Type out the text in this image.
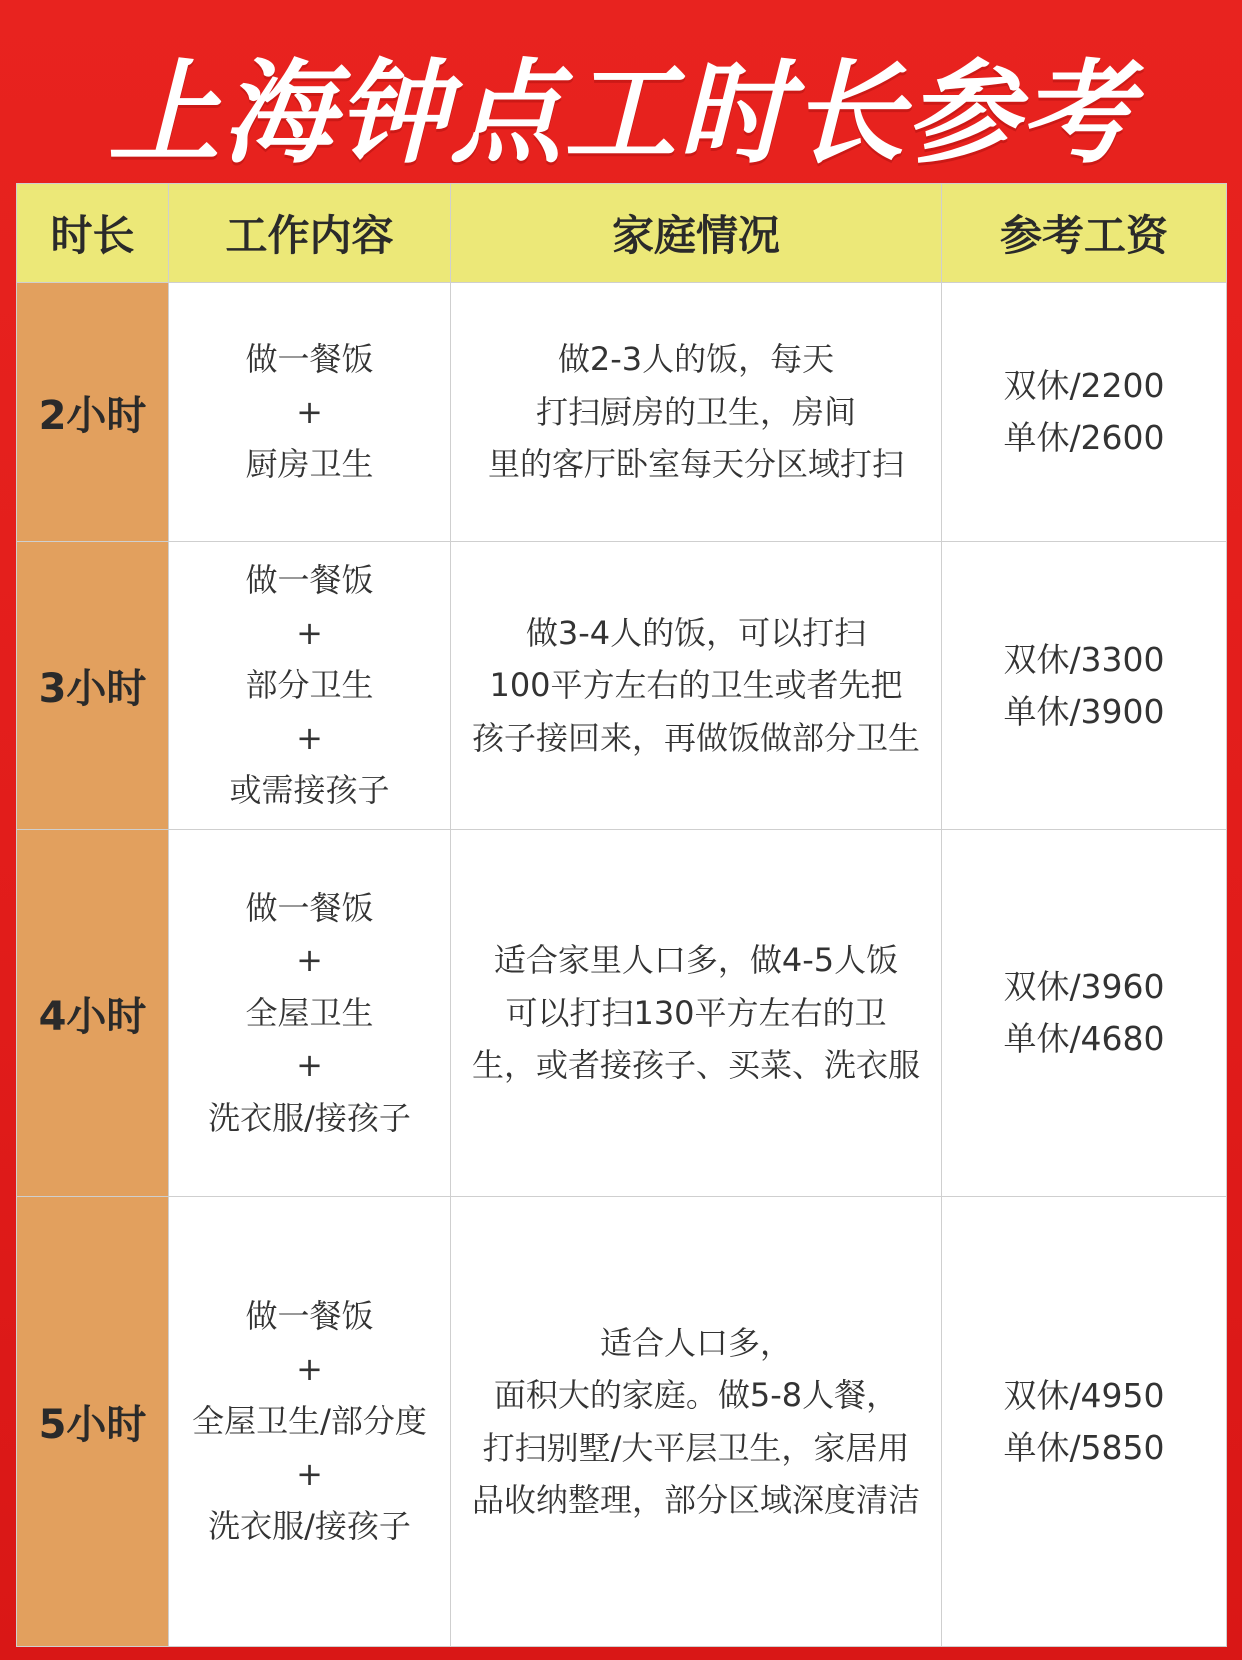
上海钟点工时长参考
时长	工作内容	家庭情况	参考工资
2小时	做一餐饭
+
厨房卫生	做2-3人的饭，每天
打扫厨房的卫生，房间
里的客厅卧室每天分区域打扫	双休/2200
单休/2600

3小时	做一餐饭
+
部分卫生
+
或需接孩子	做3-4人的饭，可以打扫
100平方左右的卫生或者先把
孩子接回来，再做饭做部分卫生	双休/3300
单休/3900

4小时	做一餐饭
+
全屋卫生
+
洗衣服/接孩子	适合家里人口多，做4-5人饭
可以打扫130平方左右的卫
生，或者接孩子、买菜、洗衣服	双休/3960
单休/4680

5小时	做一餐饭
+
全屋卫生/部分度
+
洗衣服/接孩子	适合人口多，
面积大的家庭。做5-8人餐，
打扫别墅/大平层卫生，家居用
品收纳整理，部分区域深度清洁	双休/4950
单休/5850
